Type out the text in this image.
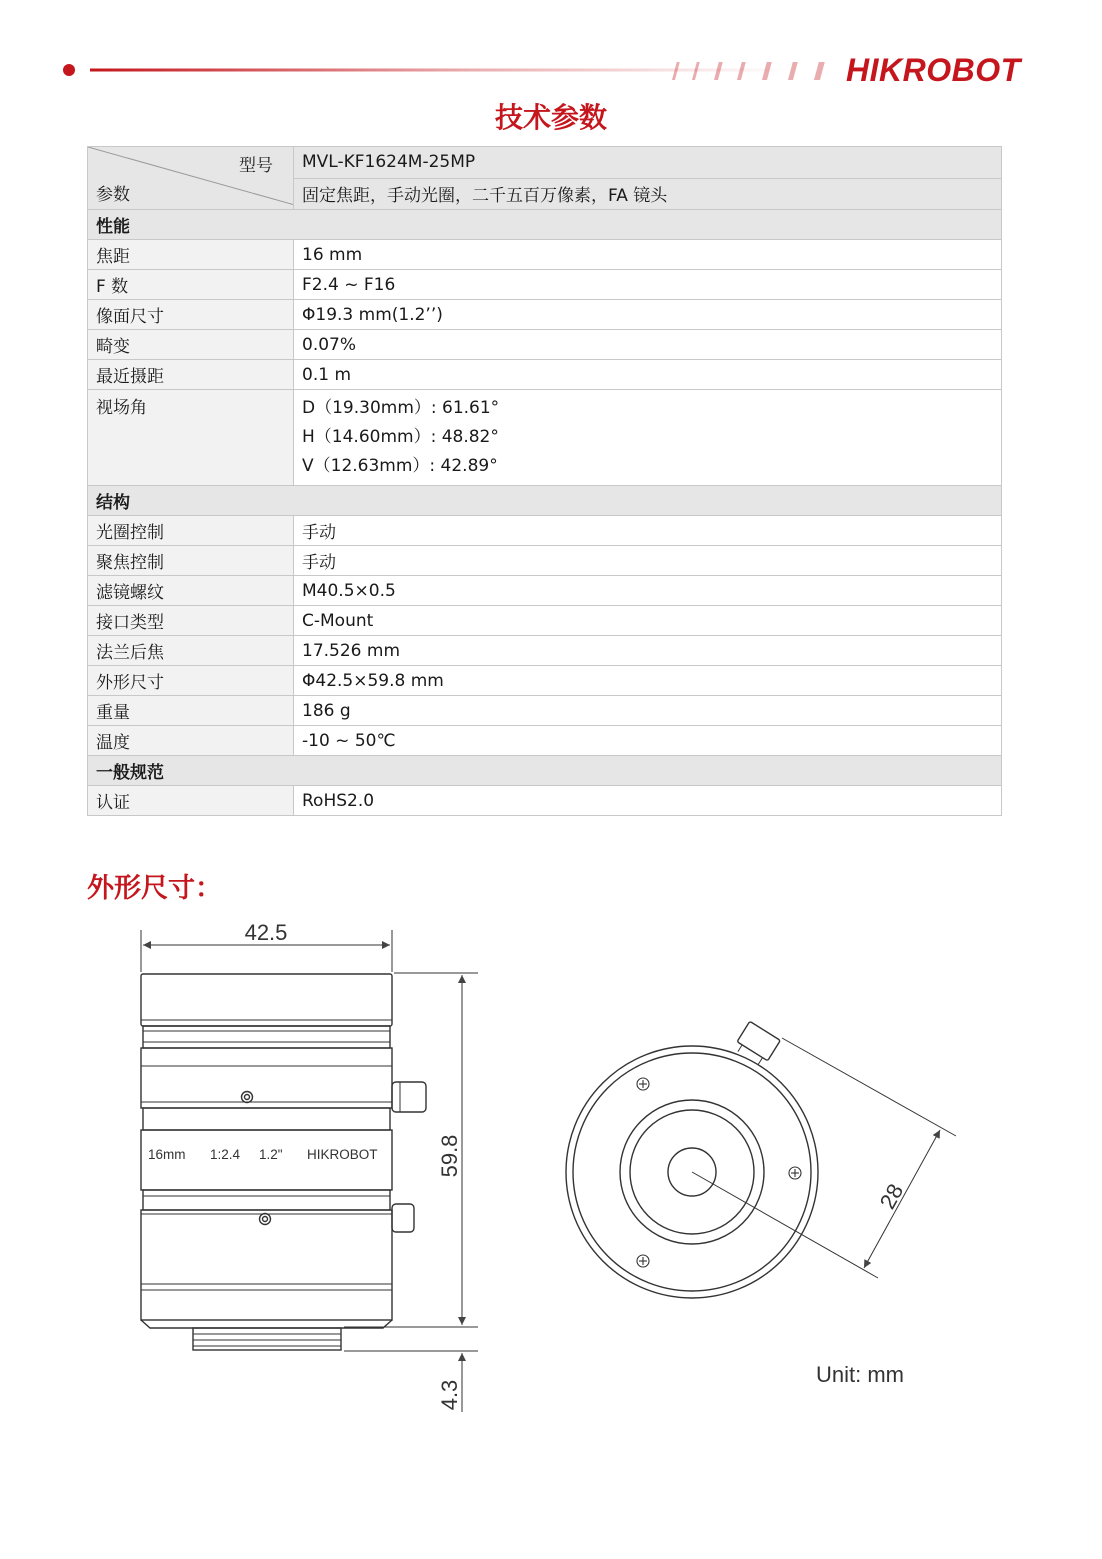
HIKROBOT
技术参数
型号
参数	MVL-KF1624M-25MP
	固定焦距，手动光圈，二千五百万像素，FA 镜头
性能	
焦距	16 mm
F 数	F2.4 ~ F16
像面尺寸	Φ19.3 mm(1.2’’)
畸变	0.07%
最近摄距	0.1 m

视场角	D（19.30mm）: 61.61°
H（14.60mm）: 48.82°
V（12.63mm）: 42.89°

结构	
光圈控制	手动
聚焦控制	手动
滤镜螺纹	M40.5×0.5
接口类型	C-Mount
法兰后焦	17.526 mm
外形尺寸	Φ42.5×59.8 mm
重量	186 g
温度	-10 ~ 50℃
一般规范	
认证	RoHS2.0
外形尺寸：
42.5
59.8
4.3
16mm 1:2.4 1.2" HIKROBOT
28
Unit: mm
